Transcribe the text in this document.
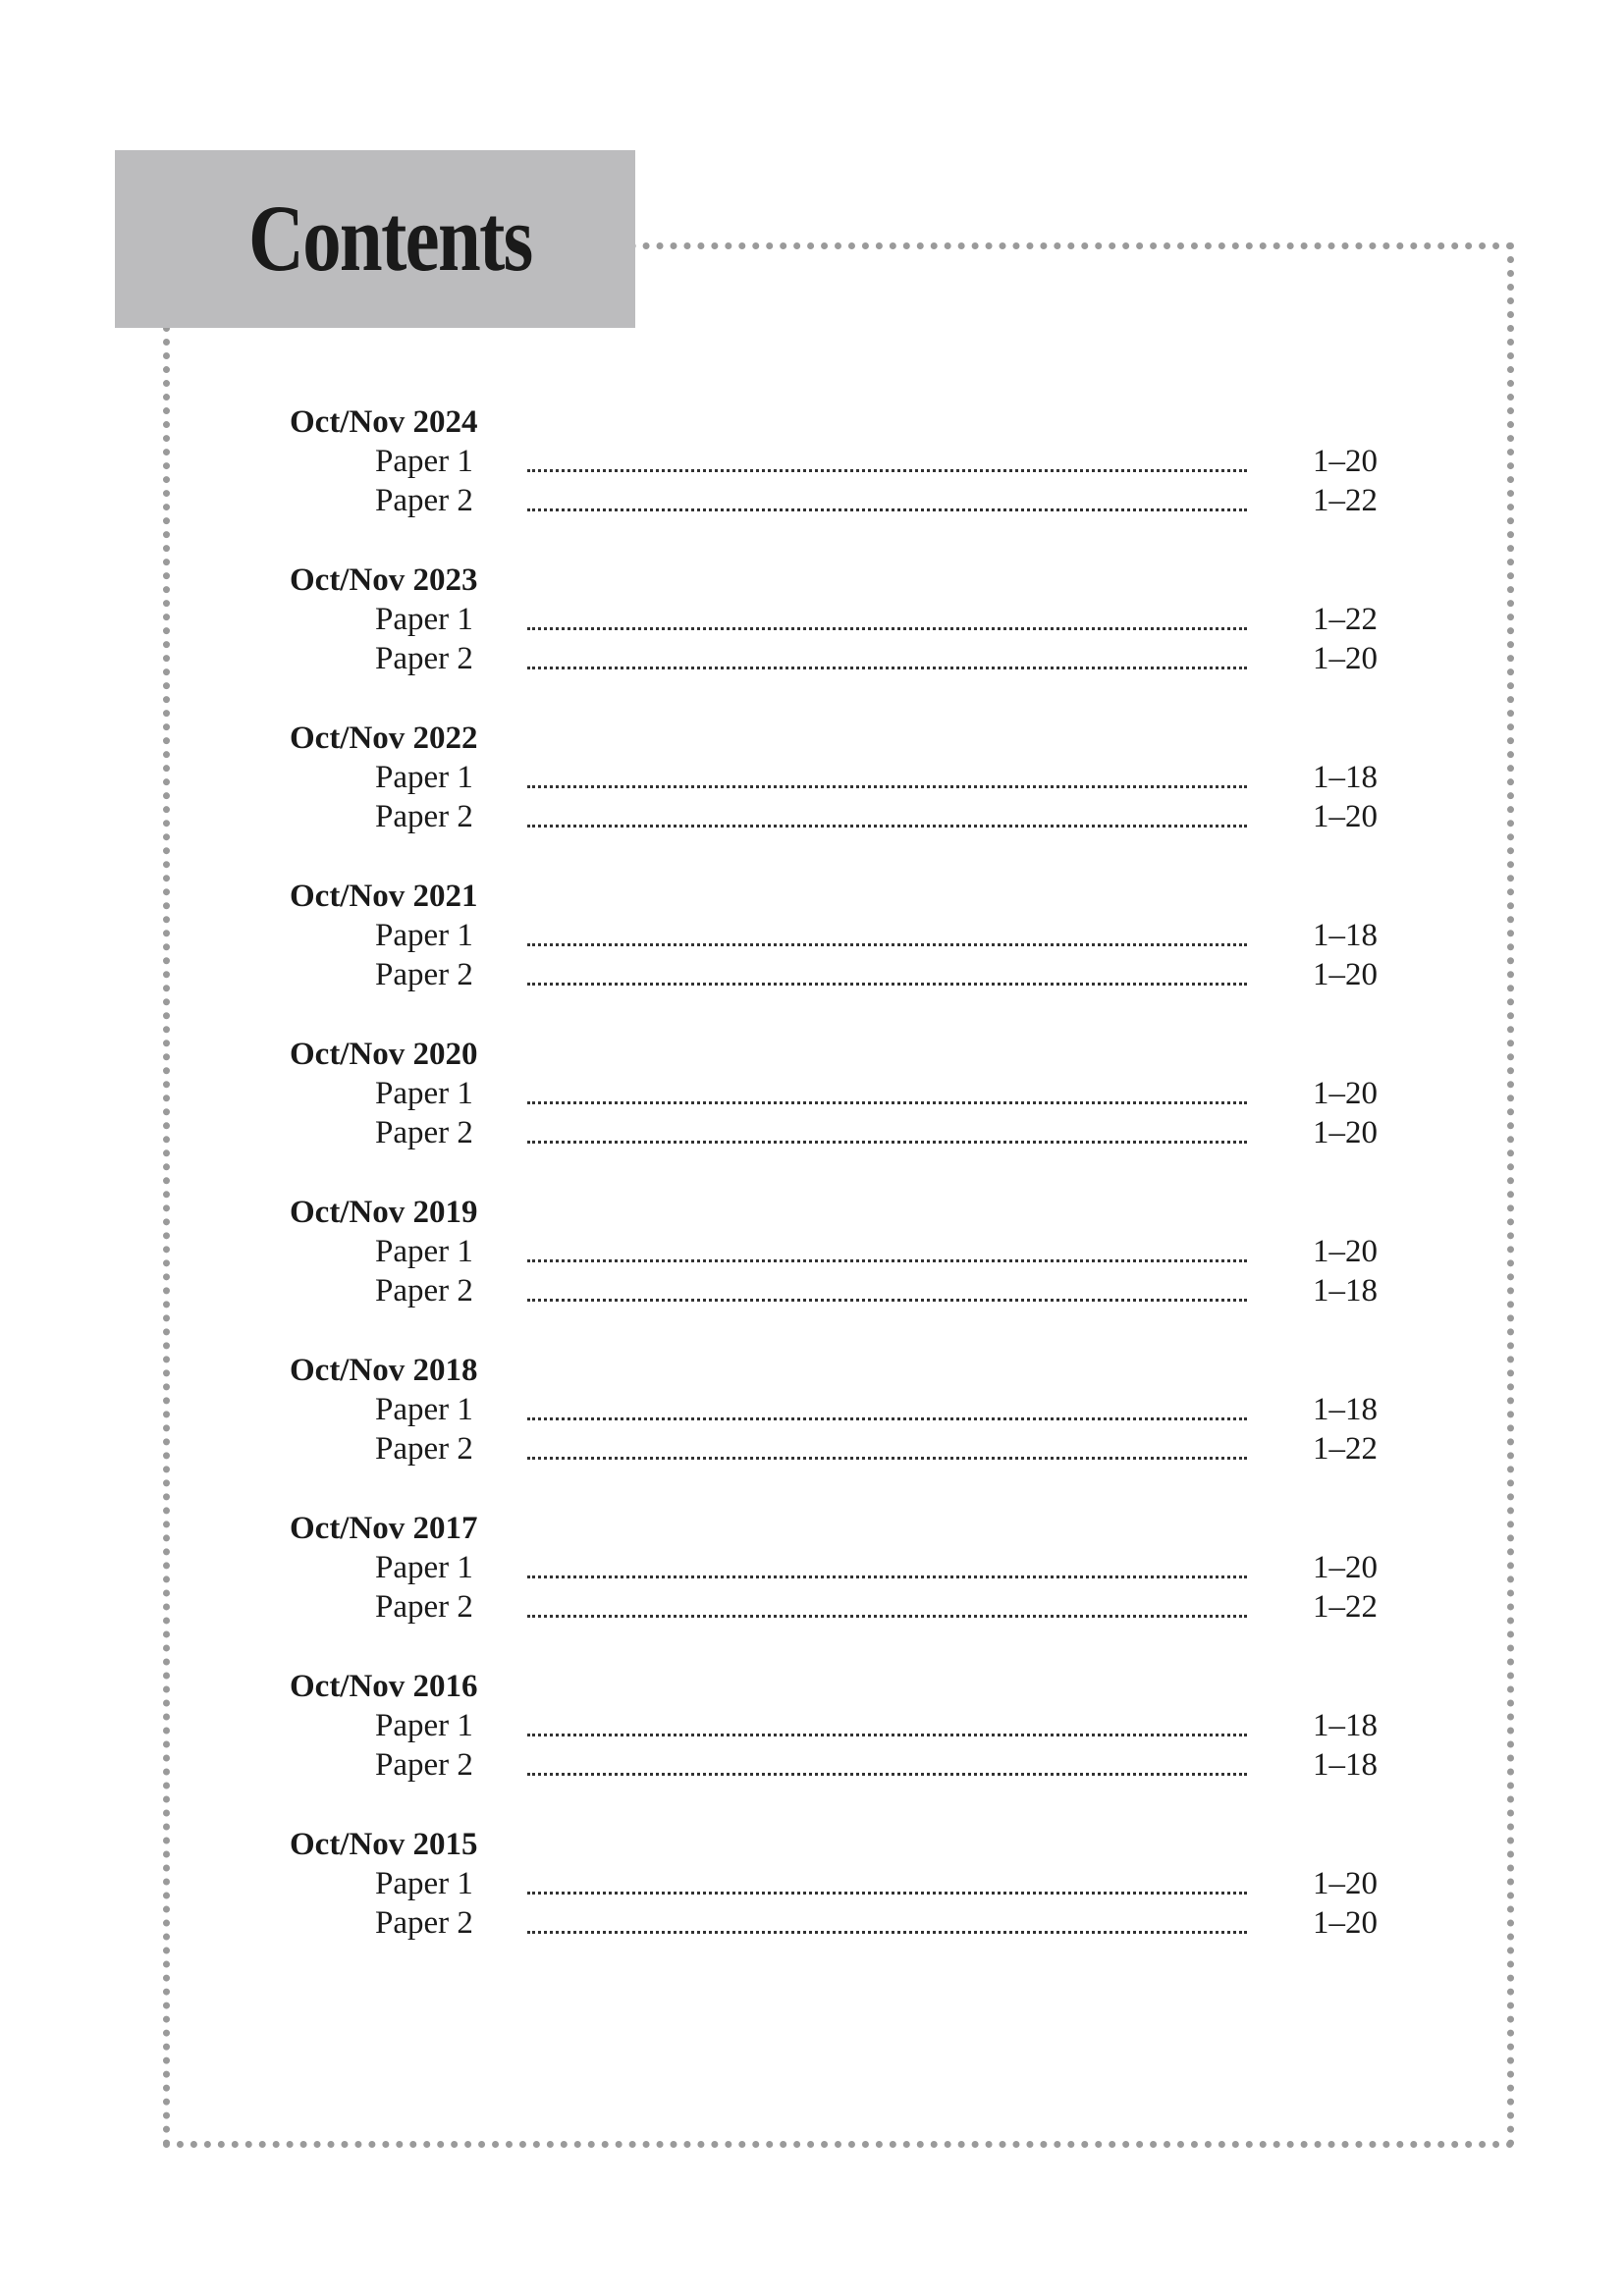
Contents
Oct/Nov 2024
Paper 1	1–20
Paper 2	1–22
Oct/Nov 2023
Paper 1	1–22
Paper 2	1–20
Oct/Nov 2022
Paper 1	1–18
Paper 2	1–20
Oct/Nov 2021
Paper 1	1–18
Paper 2	1–20
Oct/Nov 2020
Paper 1	1–20
Paper 2	1–20
Oct/Nov 2019
Paper 1	1–20
Paper 2	1–18
Oct/Nov 2018
Paper 1	1–18
Paper 2	1–22
Oct/Nov 2017
Paper 1	1–20
Paper 2	1–22
Oct/Nov 2016
Paper 1	1–18
Paper 2	1–18
Oct/Nov 2015
Paper 1	1–20
Paper 2	1–20
